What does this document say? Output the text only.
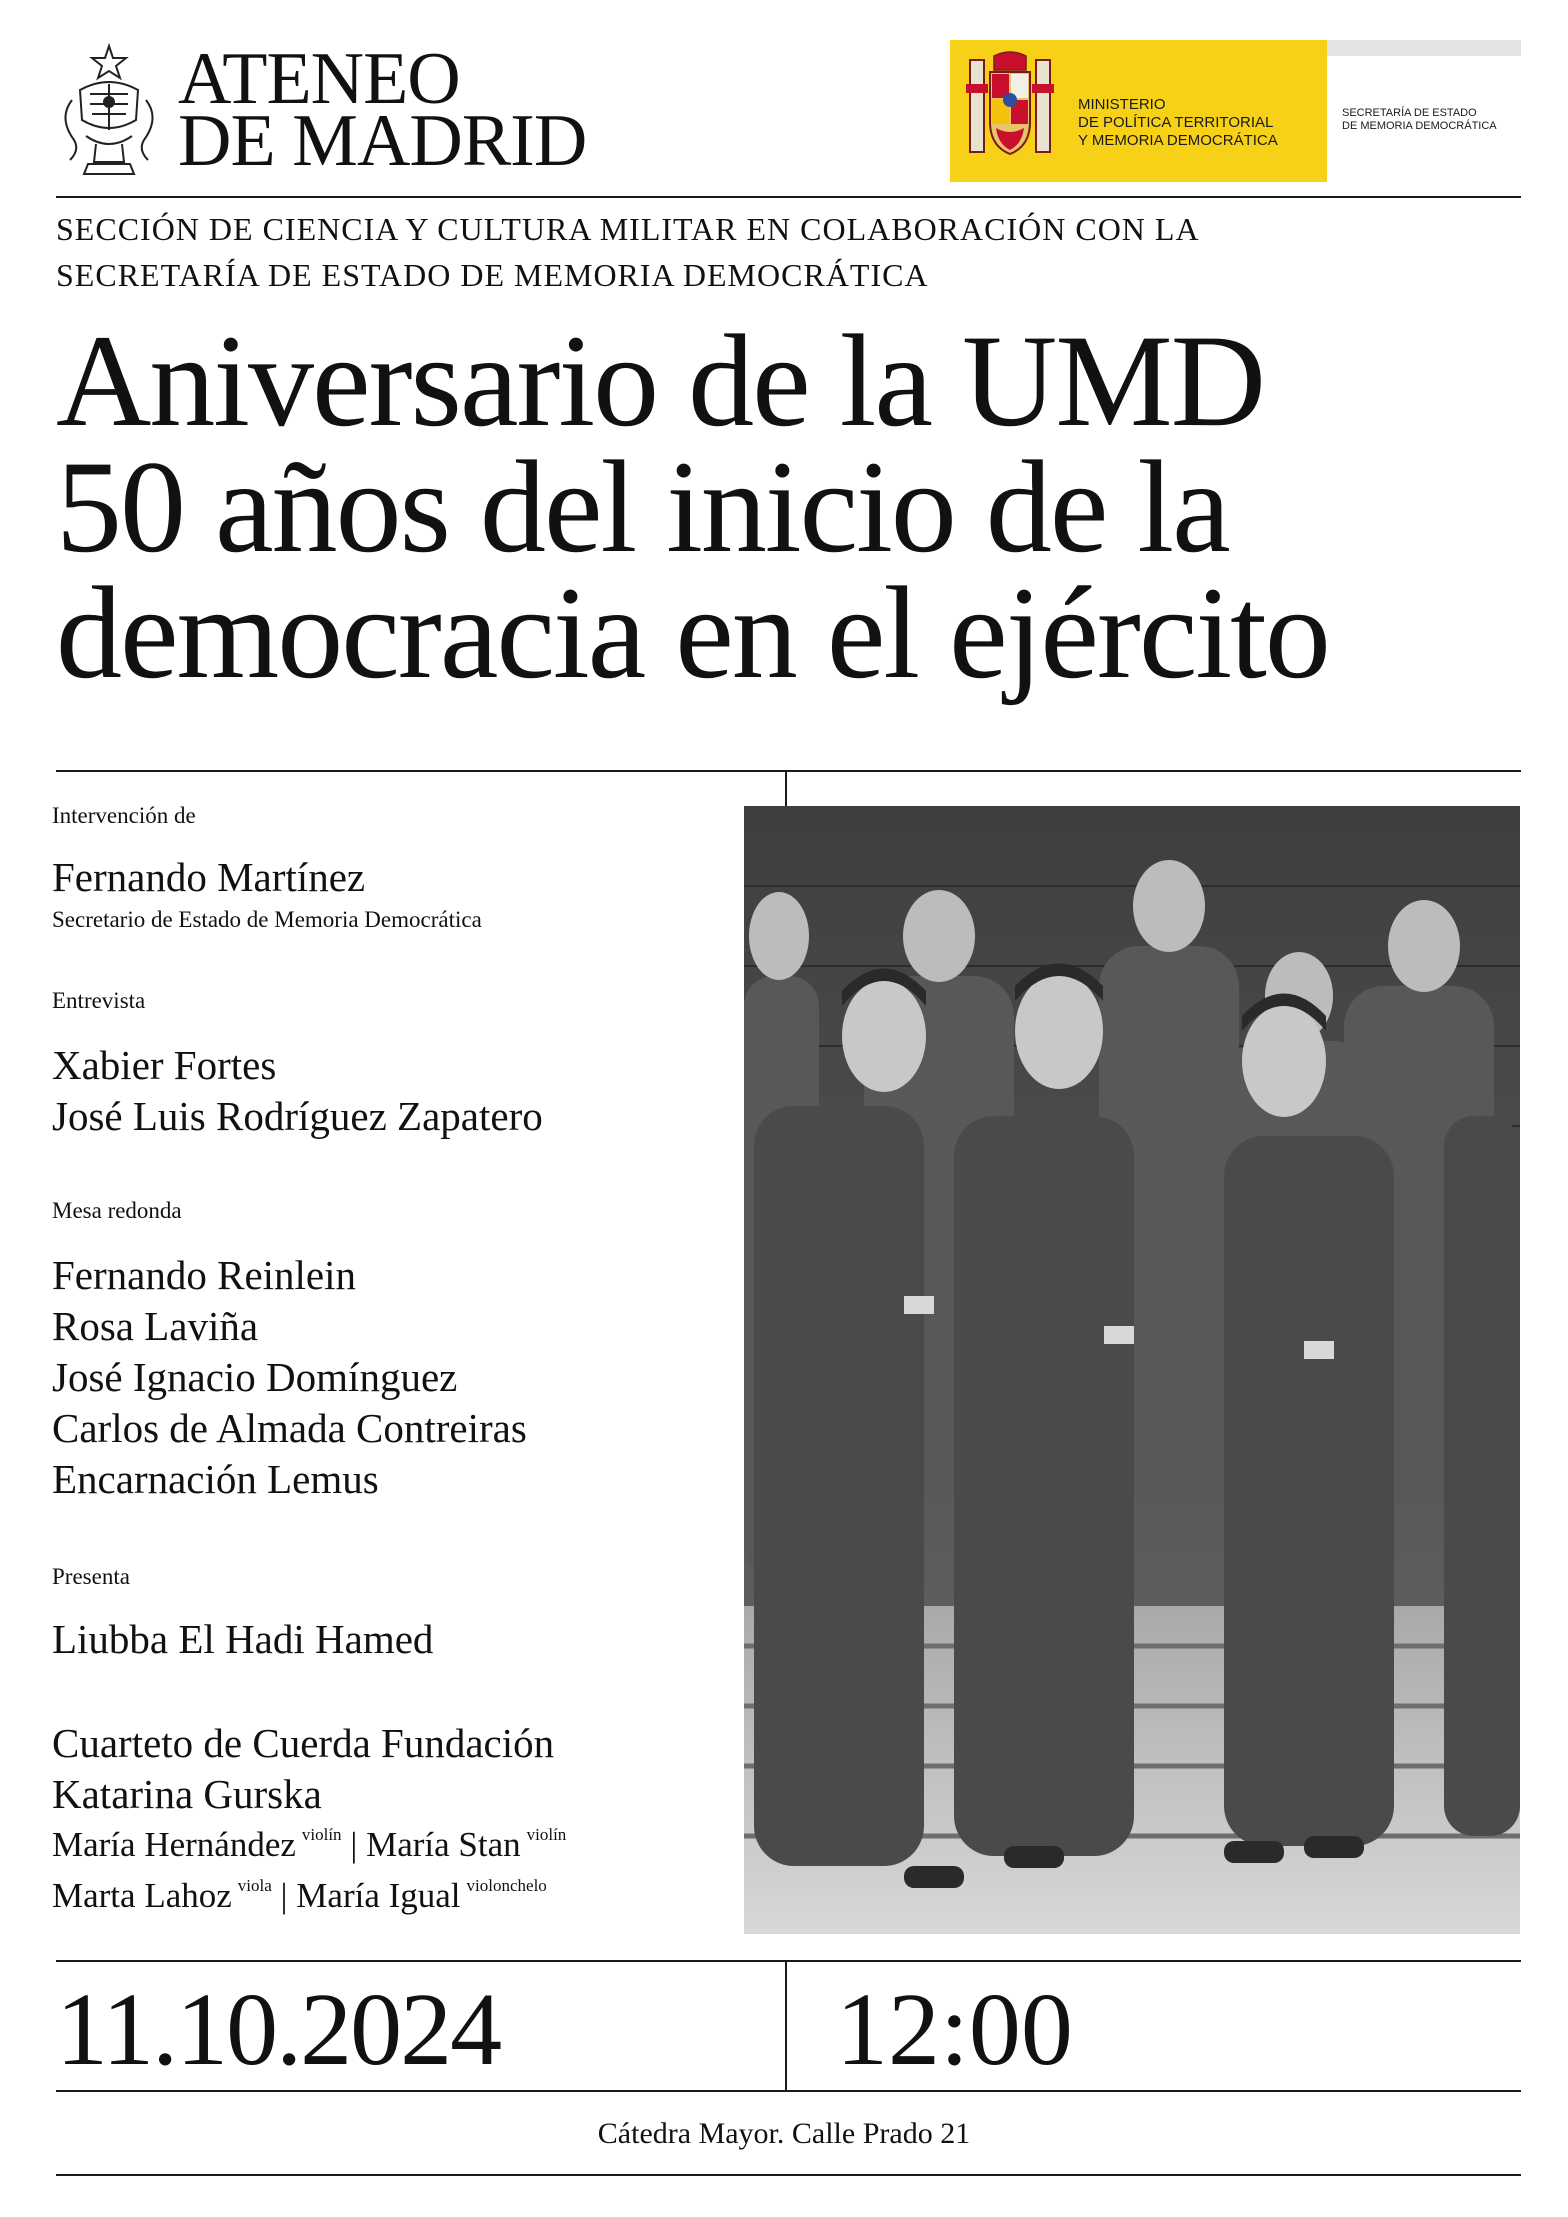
ATENEO
DE MADRID	MINISTERIO
DE POLÍTICA TERRITORIAL
Y MEMORIA DEMOCRÁTICA
SECRETARÍA DE ESTADO
DE MEMORIA DEMOCRÁTICA
SECCIÓN DE CIENCIA Y CULTURA MILITAR EN COLABORACIÓN CON LA
SECRETARÍA DE ESTADO DE MEMORIA DEMOCRÁTICA
Aniversario de la UMD
50 años del inicio de la
democracia en el ejército
Intervención de
Fernando Martínez
Secretario de Estado de Memoria Democrática
Entrevista
Xabier Fortes
José Luis Rodríguez Zapatero
Mesa redonda
Fernando Reinlein
Rosa Laviña
José Ignacio Domínguez
Carlos de Almada Contreiras
Encarnación Lemus
Presenta
Liubba El Hadi Hamed
Cuarteto de Cuerda Fundación
Katarina Gurska
María Hernández $^{violín}$ | María Stan $^{violín}$
Marta Lahoz $^{viola}$ | María Igual $^{violonchelo}$
11.10.2024	12:00
Cátedra Mayor. Calle Prado 21
